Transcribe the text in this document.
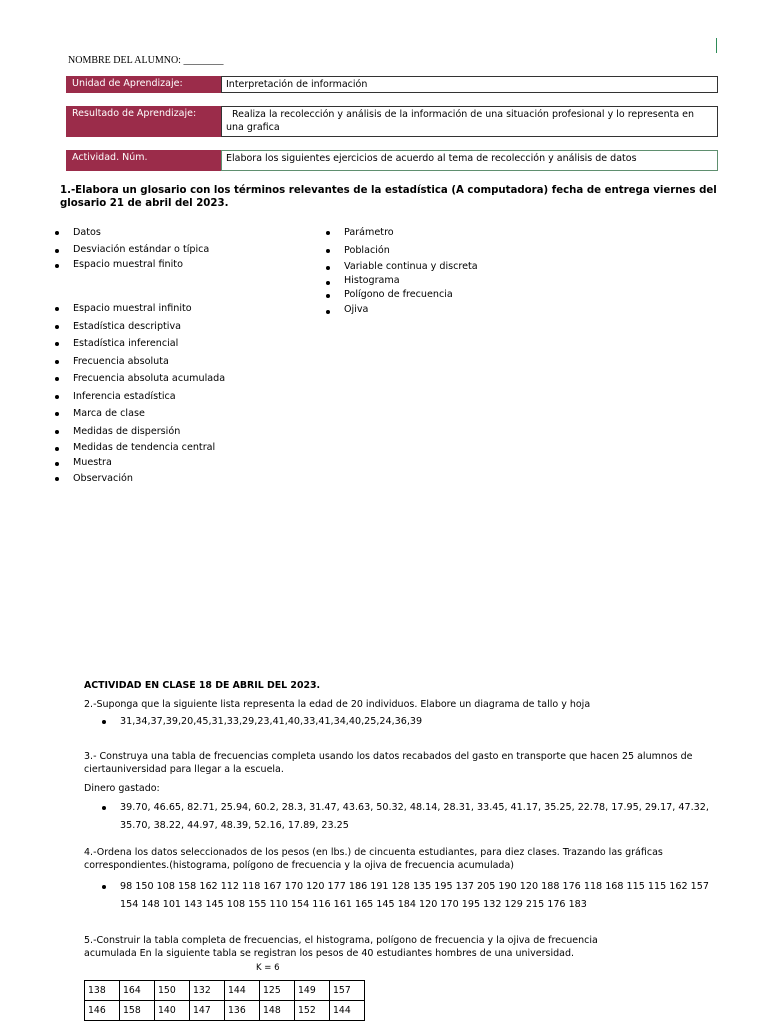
NOMBRE DEL ALUMNO: ________
Unidad de Aprendizaje:	Interpretación de información
Resultado de Aprendizaje:	Realiza la recolección y análisis de la información de una situación profesional y lo representa en una grafica
Actividad. Núm.	Elabora los siguientes ejercicios de acuerdo al tema de recolección y análisis de datos
1.-Elabora un glosario con los términos relevantes de la estadística (A computadora) fecha de entrega viernes del glosario 21 de abril del 2023.
Datos
Desviación estándar o típica
Espacio muestral finito
Espacio muestral infinito
Estadística descriptiva
Estadística inferencial
Frecuencia absoluta
Frecuencia absoluta acumulada
Inferencia estadística
Marca de clase
Medidas de dispersión
Medidas de tendencia central
Muestra
Observación
Parámetro
Población
Variable continua y discreta
Histograma
Polígono de frecuencia
Ojiva
ACTIVIDAD EN CLASE 18 DE ABRIL DEL 2023.
2.-Suponga que la siguiente lista representa la edad de 20 individuos. Elabore un diagrama de tallo y hoja
31,34,37,39,20,45,31,33,29,23,41,40,33,41,34,40,25,24,36,39
3.- Construya una tabla de frecuencias completa usando los datos recabados del gasto en transporte que hacen 25 alumnos de ciertauniversidad para llegar a la escuela.
Dinero gastado:
39.70, 46.65, 82.71, 25.94, 60.2, 28.3, 31.47, 43.63, 50.32, 48.14, 28.31, 33.45, 41.17, 35.25, 22.78, 17.95, 29.17, 47.32, 35.70, 38.22, 44.97, 48.39, 52.16, 17.89, 23.25
4.-Ordena los datos seleccionados de los pesos (en lbs.) de cincuenta estudiantes, para diez clases. Trazando las gráficas correspondientes.(histograma, polígono de frecuencia y la ojiva de frecuencia acumulada)
98 150 108 158 162 112 118 167 170 120 177 186 191 128 135 195 137 205 190 120 188 176 118 168 115 115 162 157 154 148 101 143 145 108 155 110 154 116 161 165 145 184 120 170 195 132 129 215 176 183
5.-Construir la tabla completa de frecuencias, el histograma, polígono de frecuencia y la ojiva de frecuencia acumulada En la siguiente tabla se registran los pesos de 40 estudiantes hombres de una universidad.
K = 6
138	164	150	132	144	125	149	157
146	158	140	147	136	148	152	144
